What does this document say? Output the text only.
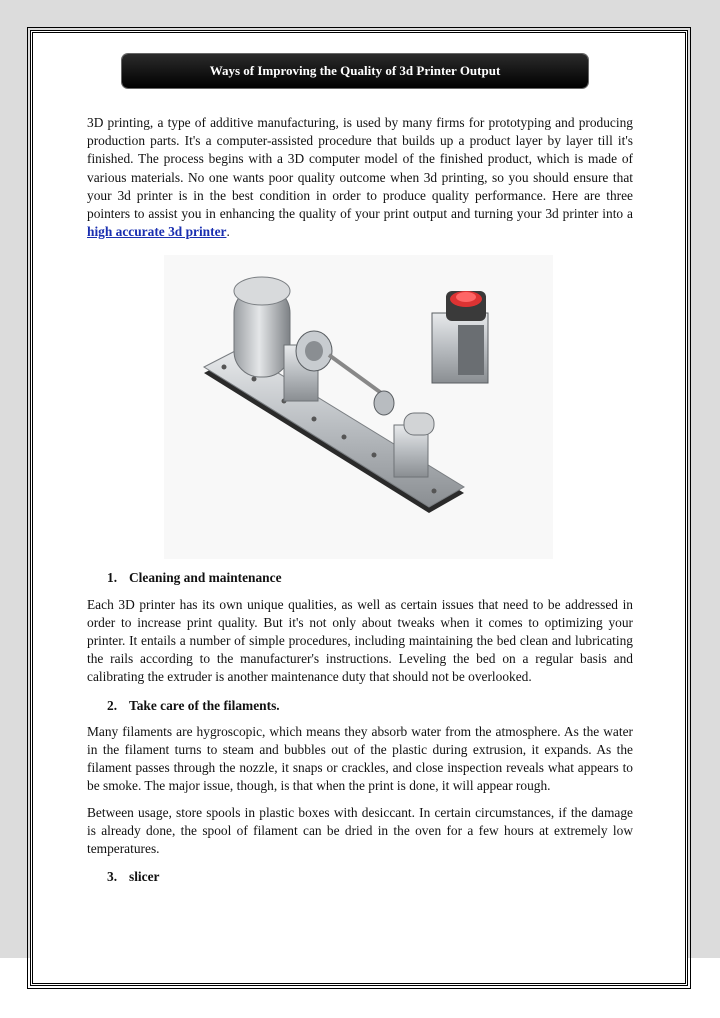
Ways of Improving the Quality of 3d Printer Output

3D printing, a type of additive manufacturing, is used by many firms for prototyping and producing production parts. It's a computer-assisted procedure that builds up a product layer by layer till it's finished. The process begins with a 3D computer model of the finished product, which is made of various materials. No one wants poor quality outcome when 3d printing, so you should ensure that your 3d printer is in the best condition in order to produce quality performance. Here are three pointers to assist you in enhancing the quality of your print output and turning your 3d printer into a high accurate 3d printer.

1. Cleaning and maintenance

Each 3D printer has its own unique qualities, as well as certain issues that need to be addressed in order to increase print quality. But it's not only about tweaks when it comes to optimizing your printer. It entails a number of simple procedures, including maintaining the bed clean and lubricating the rails according to the manufacturer's instructions. Leveling the bed on a regular basis and calibrating the extruder is another maintenance duty that should not be overlooked.

2. Take care of the filaments.

Many filaments are hygroscopic, which means they absorb water from the atmosphere. As the water in the filament turns to steam and bubbles out of the plastic during extrusion, it expands. As the filament passes through the nozzle, it snaps or crackles, and close inspection reveals what appears to be smoke. The major issue, though, is that when the print is done, it will appear rough.

Between usage, store spools in plastic boxes with desiccant. In certain circumstances, if the damage is already done, the spool of filament can be dried in the oven for a few hours at extremely low temperatures.

3. slicer
